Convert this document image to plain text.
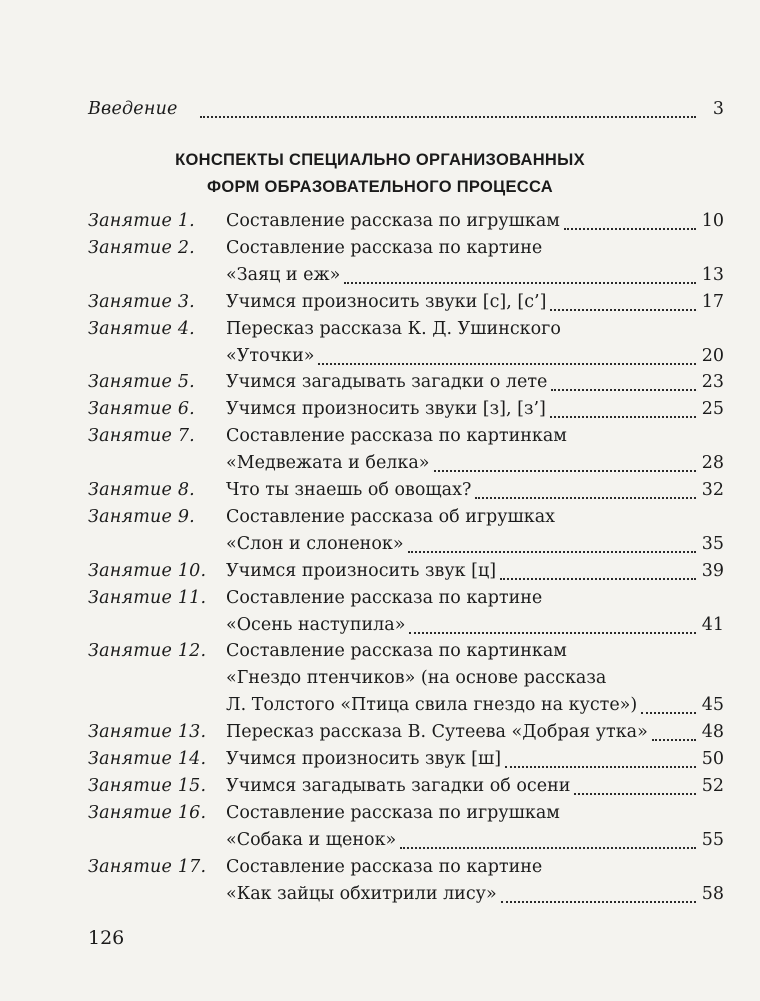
Введение	3
КОНСПЕКТЫ СПЕЦИАЛЬНО ОРГАНИЗОВАННЫХ
ФОРМ ОБРАЗОВАТЕЛЬНОГО ПРОЦЕССА
Занятие 1.	Составление рассказа по игрушкам	10
Занятие 2.	Составление рассказа по картине
«Заяц и еж»	13
Занятие 3.	Учимся произносить звуки [с], [с’]	17
Занятие 4.	Пересказ рассказа К. Д. Ушинского
«Уточки»	20
Занятие 5.	Учимся загадывать загадки о лете	23
Занятие 6.	Учимся произносить звуки [з], [з’]	25
Занятие 7.	Составление рассказа по картинкам
«Медвежата и белка»	28
Занятие 8.	Что ты знаешь об овощах?	32
Занятие 9.	Составление рассказа об игрушках
«Слон и слоненок»	35
Занятие 10.	Учимся произносить звук [ц]	39
Занятие 11.	Составление рассказа по картине
«Осень наступила»	41
Занятие 12.	Составление рассказа по картинкам
«Гнездо птенчиков» (на основе рассказа
Л. Толстого «Птица свила гнездо на кусте»)	45
Занятие 13.	Пересказ рассказа В. Сутеева «Добрая утка»	48
Занятие 14.	Учимся произносить звук [ш]	50
Занятие 15.	Учимся загадывать загадки об осени	52
Занятие 16.	Составление рассказа по игрушкам
«Собака и щенок»	55
Занятие 17.	Составление рассказа по картине
«Как зайцы обхитрили лису»	58
126
